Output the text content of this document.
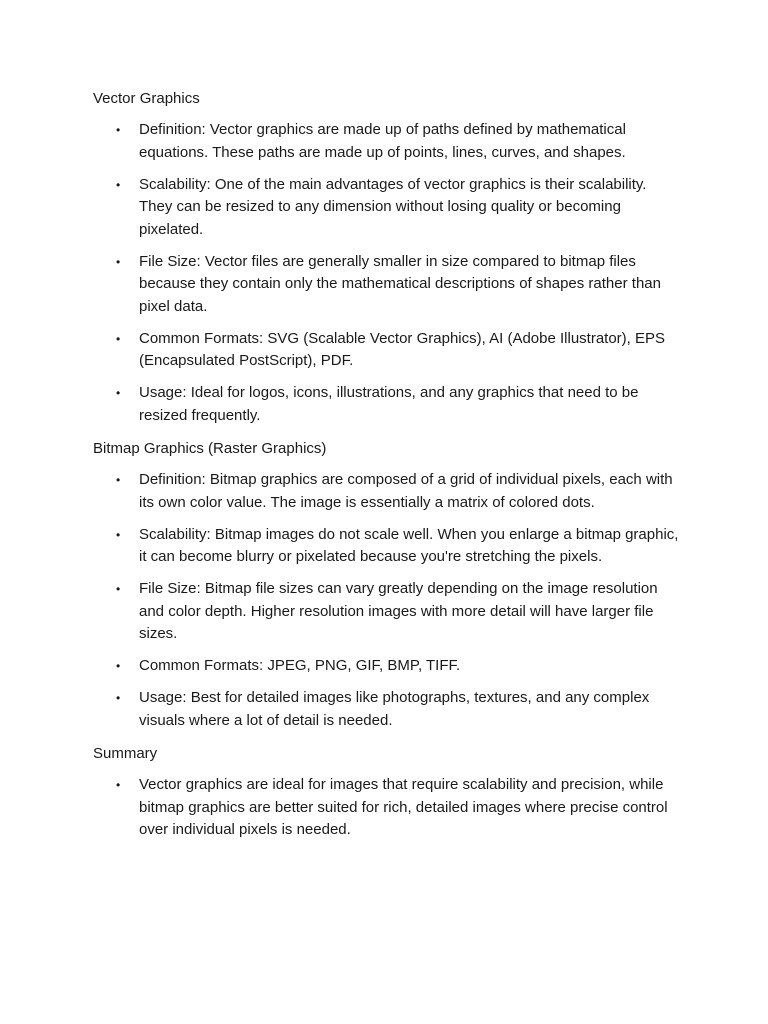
Vector Graphics
• Definition: Vector graphics are made up of paths defined by mathematical equations. These paths are made up of points, lines, curves, and shapes.
• Scalability: One of the main advantages of vector graphics is their scalability. They can be resized to any dimension without losing quality or becoming pixelated.
• File Size: Vector files are generally smaller in size compared to bitmap files because they contain only the mathematical descriptions of shapes rather than pixel data.
• Common Formats: SVG (Scalable Vector Graphics), AI (Adobe Illustrator), EPS (Encapsulated PostScript), PDF.
• Usage: Ideal for logos, icons, illustrations, and any graphics that need to be resized frequently.
Bitmap Graphics (Raster Graphics)
• Definition: Bitmap graphics are composed of a grid of individual pixels, each with its own color value. The image is essentially a matrix of colored dots.
• Scalability: Bitmap images do not scale well. When you enlarge a bitmap graphic, it can become blurry or pixelated because you're stretching the pixels.
• File Size: Bitmap file sizes can vary greatly depending on the image resolution and color depth. Higher resolution images with more detail will have larger file sizes.
• Common Formats: JPEG, PNG, GIF, BMP, TIFF.
• Usage: Best for detailed images like photographs, textures, and any complex visuals where a lot of detail is needed.
Summary
• Vector graphics are ideal for images that require scalability and precision, while bitmap graphics are better suited for rich, detailed images where precise control over individual pixels is needed.
